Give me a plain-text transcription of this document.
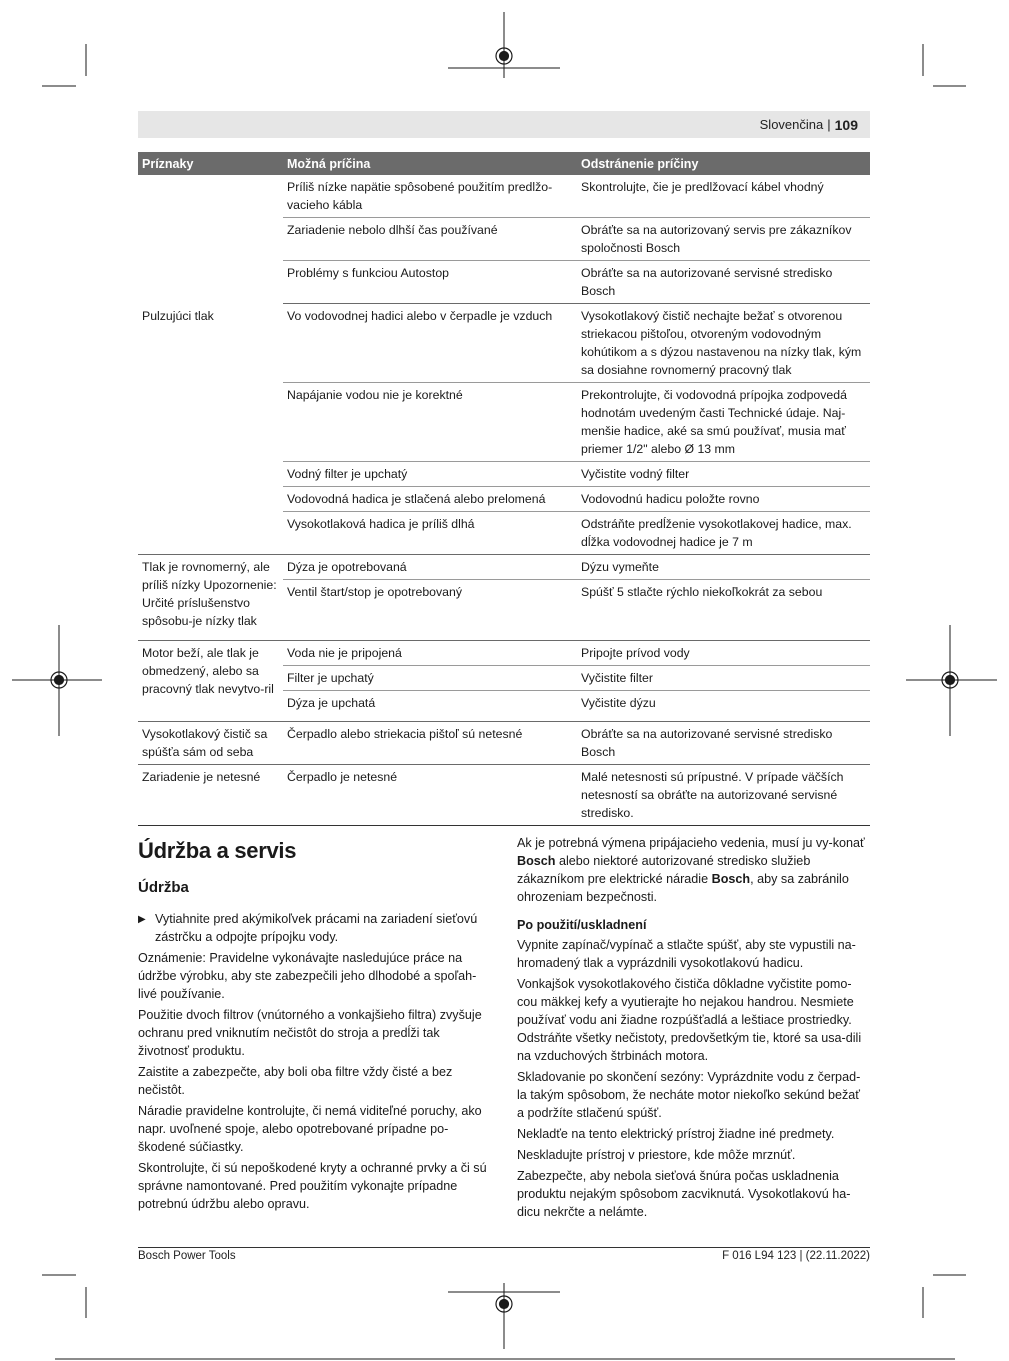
Slovenčina | 109
Príznaky	Možná príčina	Odstránenie príčiny
	Príliš nízke napätie spôsobené použitím predlžo-vacieho kábla	Skontrolujte, čie je predlžovací kábel vhodný
	Zariadenie nebolo dlhší čas používané	Obráťte sa na autorizovaný servis pre zákazníkov spoločnosti Bosch
	Problémy s funkciou Autostop	Obráťte sa na autorizované servisné stredisko Bosch
Pulzujúci tlak	Vo vodovodnej hadici alebo v čerpadle je vzduch	Vysokotlakový čistič nechajte bežať s otvorenou striekacou pištoľou, otvoreným vodovodným kohútikom a s dýzou nastavenou na nízky tlak, kým sa dosiahne rovnomerný pracovný tlak
	Napájanie vodou nie je korektné	Prekontrolujte, či vodovodná prípojka zodpovedá hodnotám uvedeným časti Technické údaje. Naj-menšie hadice, aké sa smú používať, musia mať priemer 1/2" alebo Ø 13 mm
	Vodný filter je upchatý	Vyčistite vodný filter
	Vodovodná hadica je stlačená alebo prelomená	Vodovodnú hadicu položte rovno
	Vysokotlaková hadica je príliš dlhá	Odstráňte predĺženie vysokotlakovej hadice, max. dĺžka vodovodnej hadice je 7 m
Tlak je rovnomerný, ale príliš nízky Upozornenie: Určité príslušenstvo spôsobu-je nízky tlak	Dýza je opotrebovaná	Dýzu vymeňte
	Ventil štart/stop je opotrebovaný	Spúšť 5 stlačte rýchlo niekoľkokrát za sebou
Motor beží, ale tlak je obmedzený, alebo sa pracovný tlak nevytvo-ril	Voda nie je pripojená	Pripojte prívod vody
	Filter je upchatý	Vyčistite filter
	Dýza je upchatá	Vyčistite dýzu
Vysokotlakový čistič sa spúšťa sám od seba	Čerpadlo alebo striekacia pištoľ sú netesné	Obráťte sa na autorizované servisné stredisko Bosch
Zariadenie je netesné	Čerpadlo je netesné	Malé netesnosti sú prípustné. V prípade väčších netesností sa obráťte na autorizované servisné stredisko.
Údržba a servis
Údržba
▶ Vytiahnite pred akýmikoľvek prácami na zariadení sieťovú zástrčku a odpojte prípojku vody.

Oznámenie: Pravidelne vykonávajte nasledujúce práce na údržbe výrobku, aby ste zabezpečili jeho dlhodobé a spoľah-livé používanie.

Použitie dvoch filtrov (vnútorného a vonkajšieho filtra) zvyšuje ochranu pred vniknutím nečistôt do stroja a predĺži tak životnosť produktu.

Zaistite a zabezpečte, aby boli oba filtre vždy čisté a bez nečistôt.

Náradie pravidelne kontrolujte, či nemá viditeľné poruchy, ako napr. uvoľnené spoje, alebo opotrebované prípadne po-škodené súčiastky.

Skontrolujte, či sú nepoškodené kryty a ochranné prvky a či sú správne namontované. Pred použitím vykonajte prípadne potrebnú údržbu alebo opravu.

Ak je potrebná výmena pripájacieho vedenia, musí ju vy-konať Bosch alebo niektoré autorizované stredisko služieb zákazníkom pre elektrické náradie Bosch, aby sa zabránilo ohrozeniam bezpečnosti.

Po použití/uskladnení

Vypnite zapínač/vypínač a stlačte spúšť, aby ste vypustili na-hromadený tlak a vyprázdnili vysokotlakovú hadicu.

Vonkajšok vysokotlakového čističa dôkladne vyčistite pomo-cou mäkkej kefy a vyutierajte ho nejakou handrou. Nesmiete používať vodu ani žiadne rozpúšťadlá a leštiace prostriedky. Odstráňte všetky nečistoty, predovšetkým tie, ktoré sa usa-dili na vzduchových štrbinách motora.

Skladovanie po skončení sezóny: Vyprázdnite vodu z čerpad-la takým spôsobom, že necháte motor niekoľko sekúnd bežať a podržíte stlačenú spúšť.

Nekladťe na tento elektrický prístroj žiadne iné predmety.

Neskladujte prístroj v priestore, kde môže mrznúť.

Zabezpečte, aby nebola sieťová šnúra počas uskladnenia produktu nejakým spôsobom zacviknutá. Vysokotlakovú ha-dicu nekrčte a nelámte.

Bosch Power Tools	F 016 L94 123 | (22.11.2022)
